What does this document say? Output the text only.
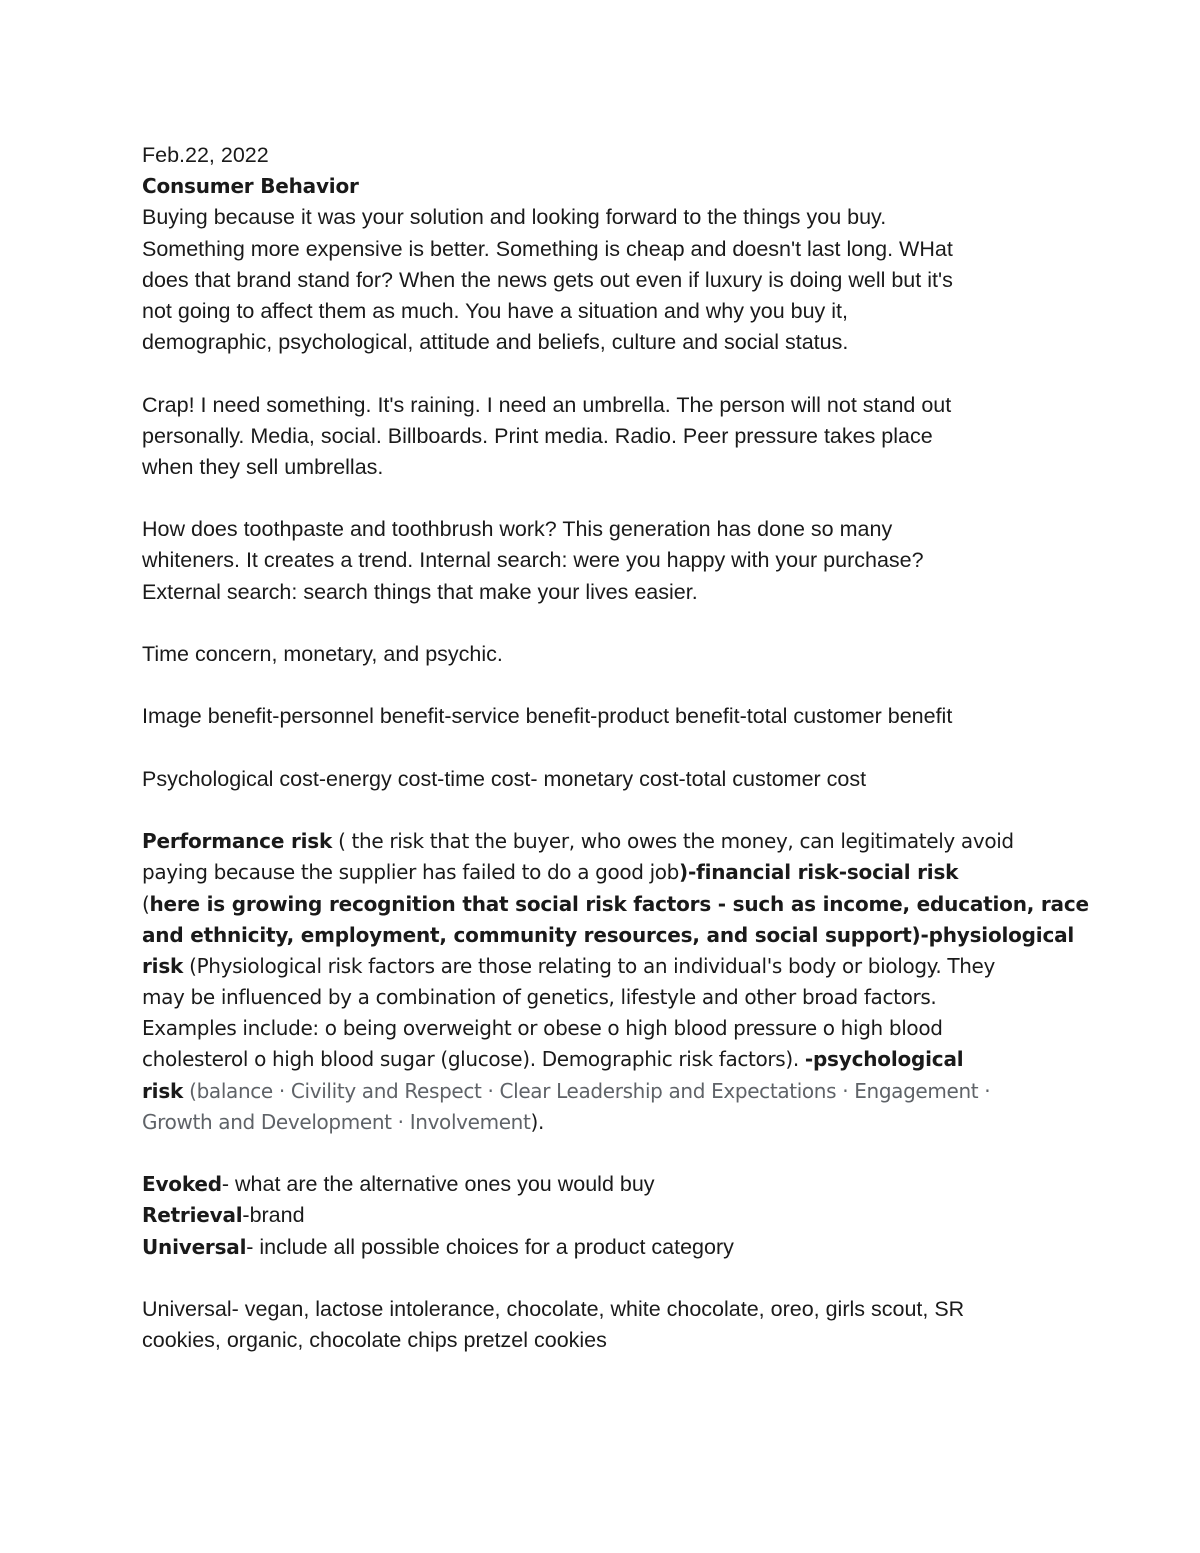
Feb.22, 2022
Consumer Behavior
Buying because it was your solution and looking forward to the things you buy.
Something more expensive is better. Something is cheap and doesn't last long. WHat
does that brand stand for? When the news gets out even if luxury is doing well but it's
not going to affect them as much. You have a situation and why you buy it,
demographic, psychological, attitude and beliefs, culture and social status.
Crap! I need something. It's raining. I need an umbrella. The person will not stand out
personally. Media, social. Billboards. Print media. Radio. Peer pressure takes place
when they sell umbrellas.
How does toothpaste and toothbrush work? This generation has done so many
whiteners. It creates a trend. Internal search: were you happy with your purchase?
External search: search things that make your lives easier.
Time concern, monetary, and psychic.
Image benefit-personnel benefit-service benefit-product benefit-total customer benefit
Psychological cost-energy cost-time cost- monetary cost-total customer cost
Performance risk ( the risk that the buyer, who owes the money, can legitimately avoid
paying because the supplier has failed to do a good job)-financial risk-social risk
(here is growing recognition that social risk factors - such as income, education, race
and ethnicity, employment, community resources, and social support)-physiological
risk (Physiological risk factors are those relating to an individual's body or biology. They
may be influenced by a combination of genetics, lifestyle and other broad factors.
Examples include: o being overweight or obese o high blood pressure o high blood
cholesterol o high blood sugar (glucose). Demographic risk factors). -psychological
risk (balance · Civility and Respect · Clear Leadership and Expectations · Engagement ·
Growth and Development · Involvement).
Evoked- what are the alternative ones you would buy
Retrieval-brand
Universal- include all possible choices for a product category
Universal- vegan, lactose intolerance, chocolate, white chocolate, oreo, girls scout, SR
cookies, organic, chocolate chips pretzel cookies
